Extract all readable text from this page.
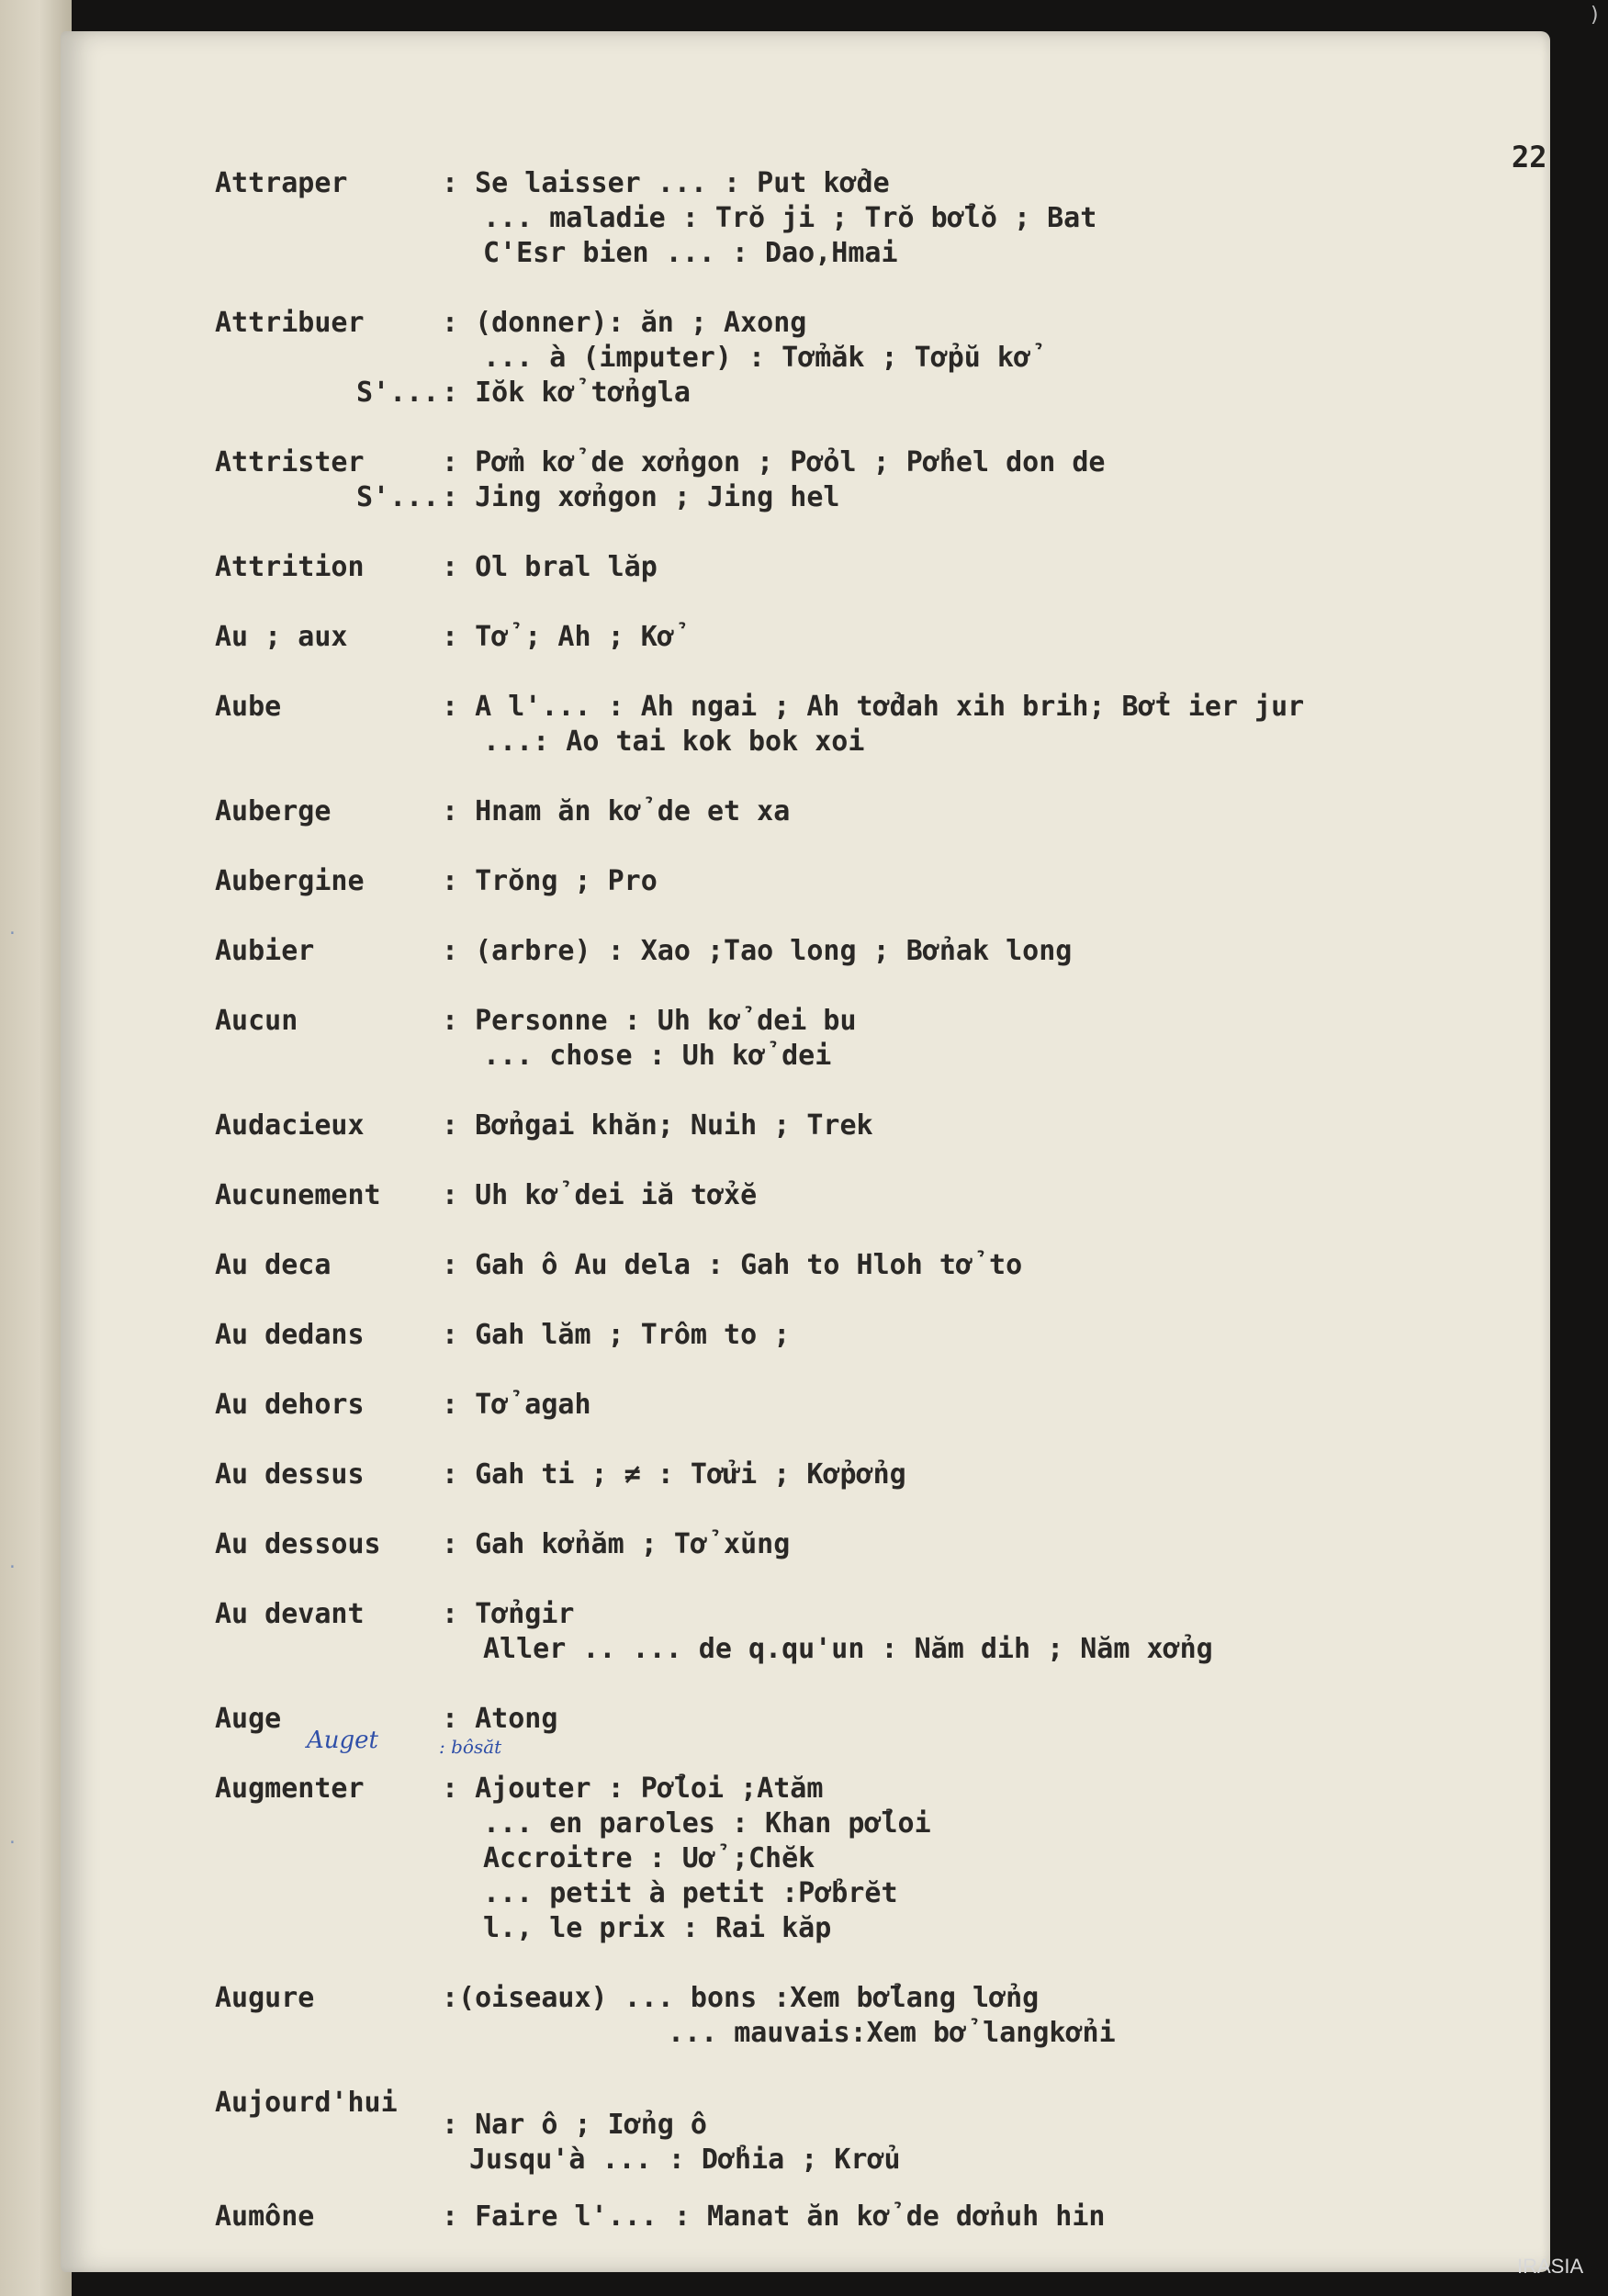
·
·
·
)
22
Attraper	: Se laisser ... : Put kởde
... maladie : Trŏ ji ; Trŏ bởlŏ ; Bat
C'Esr bien ... : Dao,Hmai
Attribuer	: (donner): ăn ; Axong
... à (imputer) : Tởmăk ; Tởpŭ kở
S'... : Iŏk kở tởngla
Attrister	: Pởm kở de xởngon ; Pởol ; Pởhel don de
S'... : Jing xởngon ; Jing hel
Attrition	: Ol bral lăp
Au ; aux	: Tở ; Ah ; Kở
Aube	: A l'... : Ah ngai ; Ah tởdah xih brih; Bởt ier jur
...: Ao tai kok bok xoi
Auberge	: Hnam ăn kở de et xa
Aubergine	: Trŏng ; Pro
Aubier	: (arbre) : Xao ;Tao long ; Bởnak long
Aucun	: Personne : Uh kở dei bu
... chose : Uh kở dei
Audacieux	: Bởngai khăn; Nuih ; Trek
Aucunement : Uh kở dei iă tởxĕ
Au deca	: Gah ô Au dela : Gah to Hloh tở to
Au dedans	: Gah lăm ; Trôm to ;
Au dehors	: Tở agah
Au dessus	: Gah ti ; ≠ : Tởưi ; Kởpởng
Au dessous : Gah kởnăm ; Tở xŭng
Au devant	: Tởngir
Aller .. ... de q.qu'un : Năm dih ; Năm xởng
Auge	: Atong
Auget	: bôsăt
Augmenter	: Ajouter : Pởloi ;Atăm
... en paroles : Khan pởloi
Accroitre : Uở ;Chĕk
... petit à petit :Pởbrĕt
l., le prix : Rai kăp
Augure	:(oiseaux) ... bons :Xem bởlang lởng
... mauvais:Xem bở langkởni
Aujourd'hui
: Nar ô ; Iởng ô
Jusqu'à ... : Dởhia ; Krởu
Aumône	: Faire l'... : Manat ăn kở de dởnuh hin
IRASIA
